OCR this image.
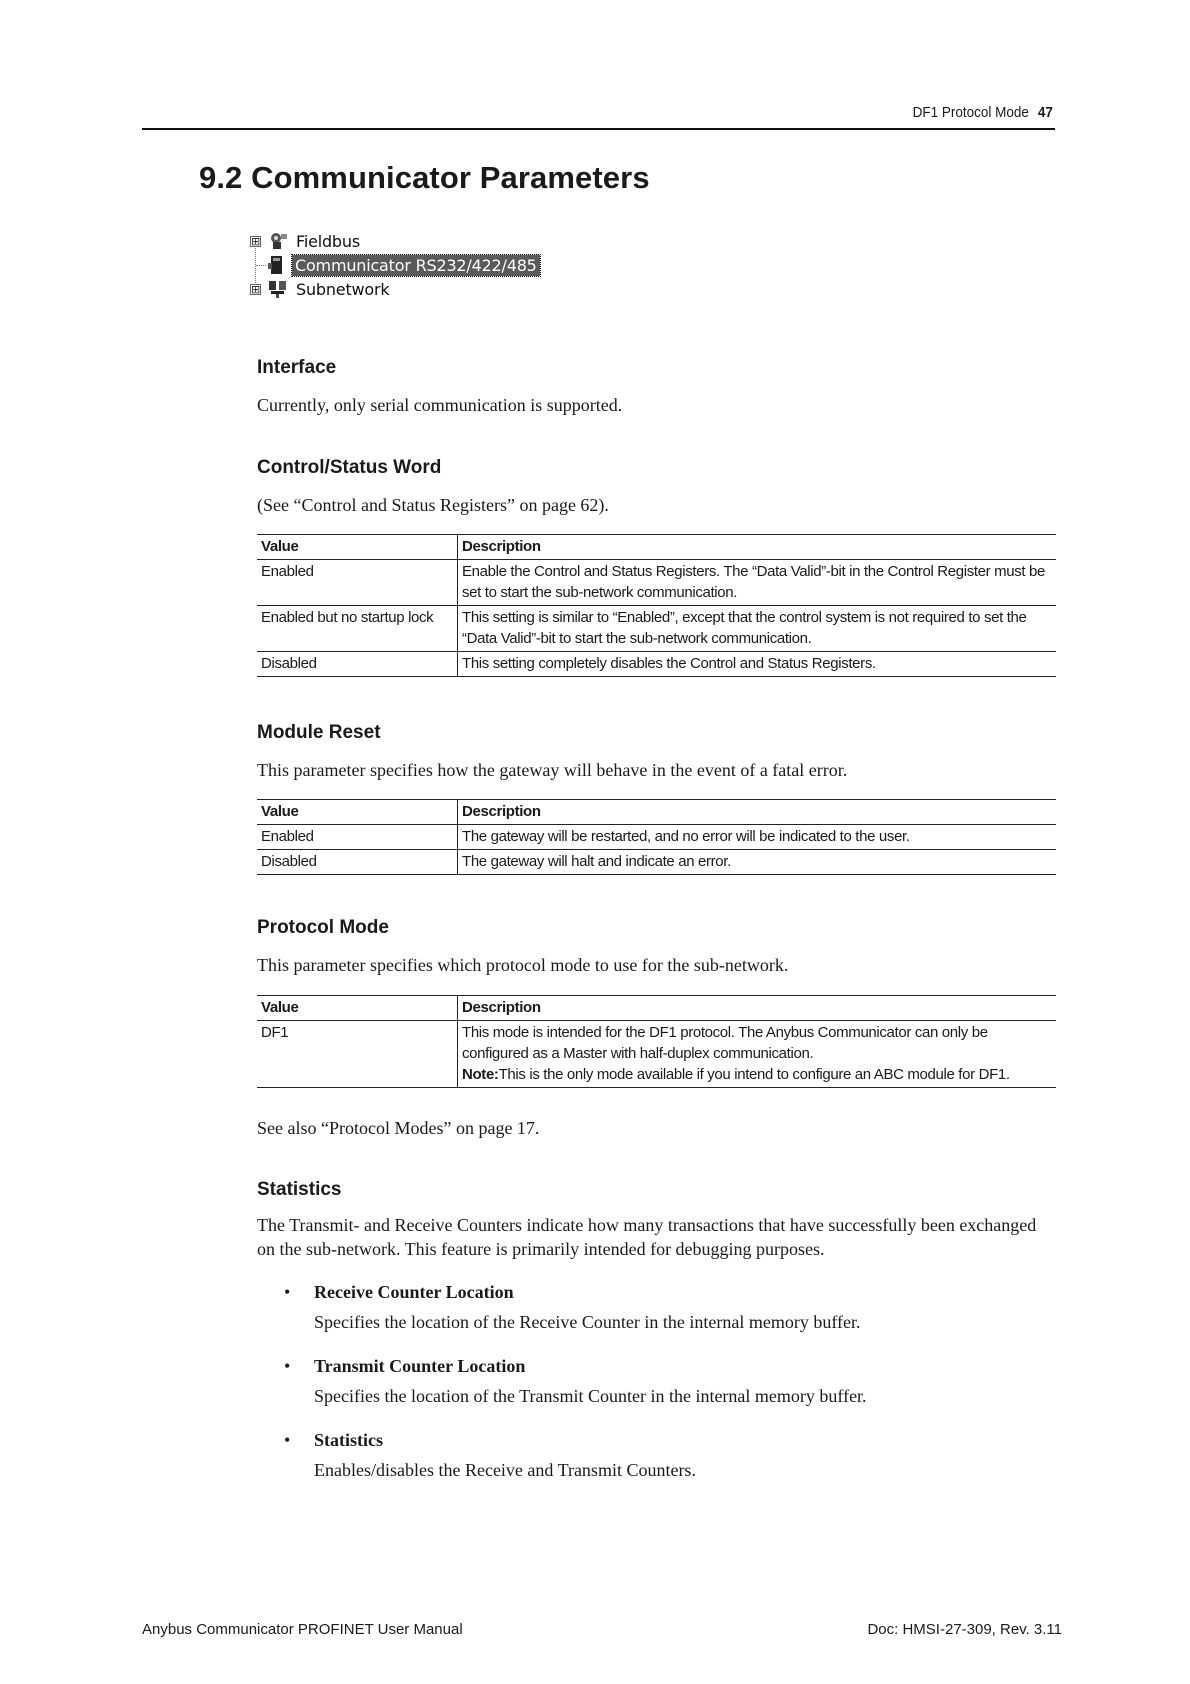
DF1 Protocol Mode 47
9.2 Communicator Parameters
⊞ Fieldbus
Communicator RS232/422/485
⊞ Subnetwork
Interface
Currently, only serial communication is supported.
Control/Status Word
(See “Control and Status Registers” on page 62).
Value	Description
Enabled	Enable the Control and Status Registers. The “Data Valid”-bit in the Control Register must be set to start the sub-network communication.
Enabled but no startup lock	This setting is similar to “Enabled”, except that the control system is not required to set the “Data Valid”-bit to start the sub-network communication.
Disabled	This setting completely disables the Control and Status Registers.
Module Reset
This parameter specifies how the gateway will behave in the event of a fatal error.
Value	Description
Enabled	The gateway will be restarted, and no error will be indicated to the user.
Disabled	The gateway will halt and indicate an error.
Protocol Mode
This parameter specifies which protocol mode to use for the sub-network.
Value	Description
DF1	This mode is intended for the DF1 protocol. The Anybus Communicator can only be configured as a Master with half-duplex communication.
Note:This is the only mode available if you intend to configure an ABC module for DF1.
See also “Protocol Modes” on page 17.
Statistics
The Transmit- and Receive Counters indicate how many transactions that have successfully been exchanged on the sub-network. This feature is primarily intended for debugging purposes.
• Receive Counter Location
Specifies the location of the Receive Counter in the internal memory buffer.
• Transmit Counter Location
Specifies the location of the Transmit Counter in the internal memory buffer.
• Statistics
Enables/disables the Receive and Transmit Counters.
Anybus Communicator PROFINET User Manual	Doc: HMSI-27-309, Rev. 3.11
